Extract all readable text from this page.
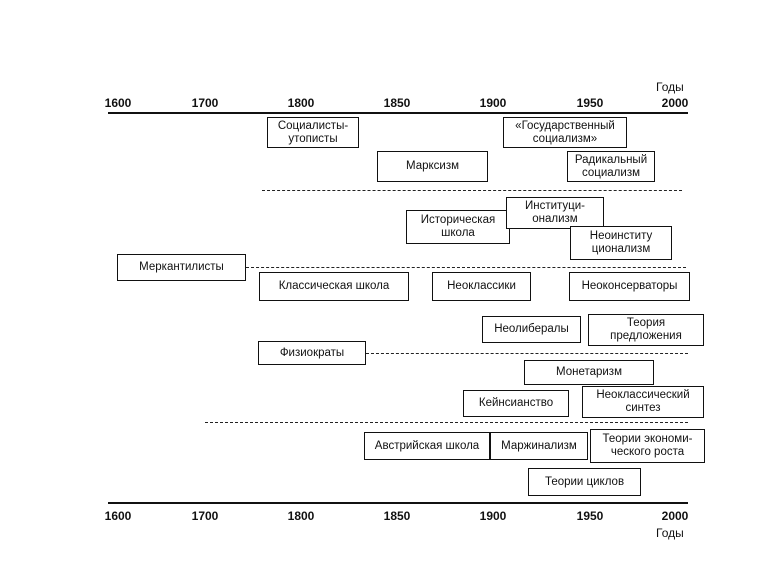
Годы
1600	1700	1800	1850	1900	1950	2000
Социалисты-
утописты
«Государственный
социализм»
Марксизм
Радикальный
социализм
Историческая
школа
Институци-
онализм
Неоинститу
ционализм
Меркантилисты
Классическая школа	Неоклассики	Неоконсерваторы
Неолибералы	Теория
предложения
Физиократы
Монетаризм
Кейнсианство
Неоклассический
синтез
Австрийская школа	Маржинализм
Теории экономи-
ческого роста
Теории циклов
1600	1700	1800	1850	1900	1950	2000
Годы
